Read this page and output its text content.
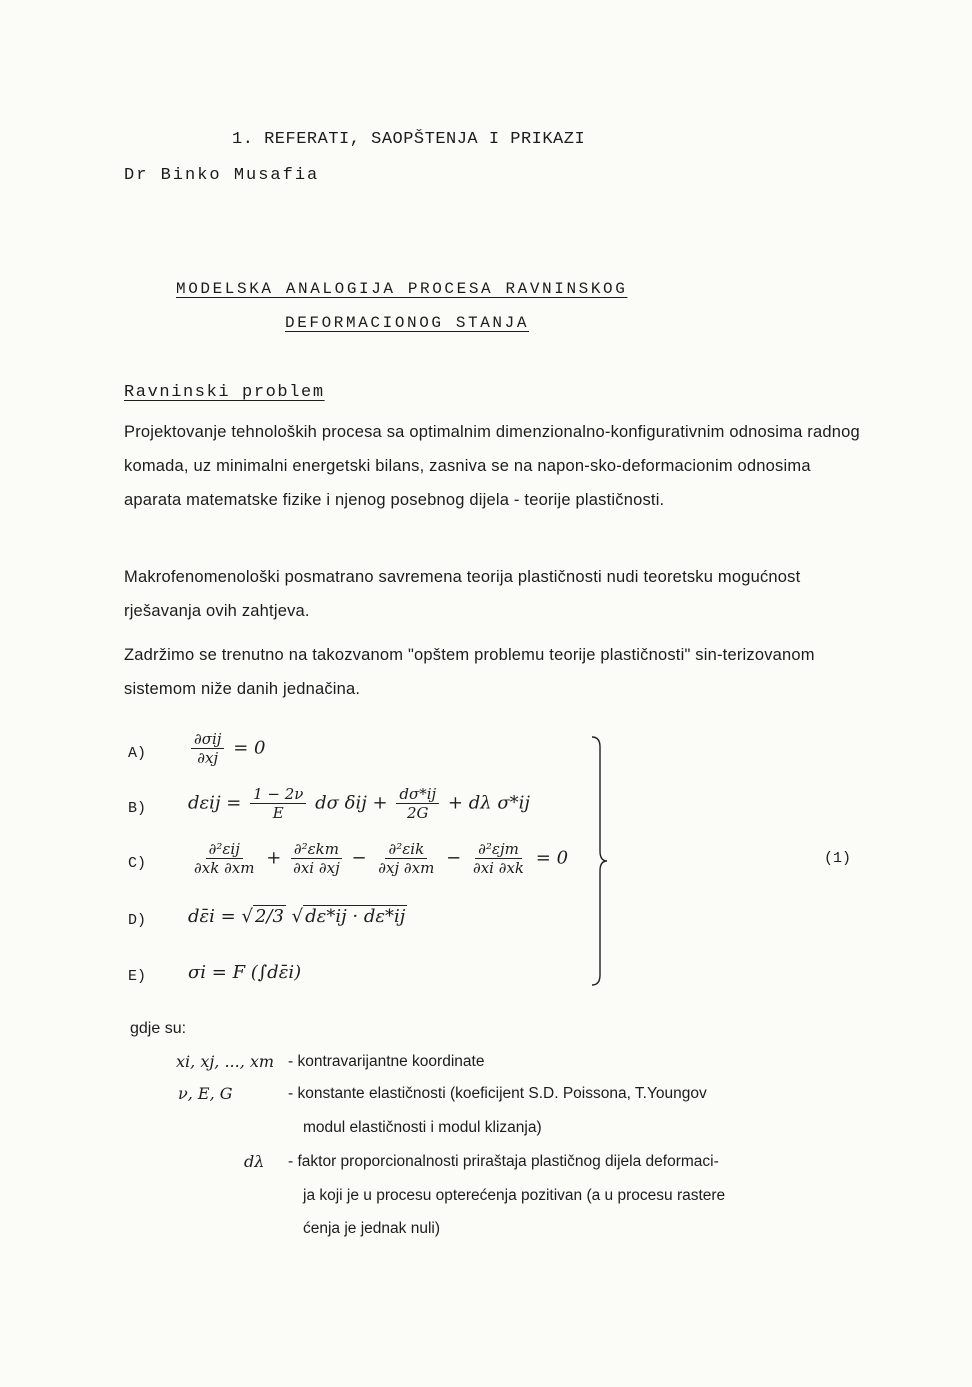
1. REFERATI, SAOPŠTENJA I PRIKAZI
Dr Binko Musafia
MODELSKA ANALOGIJA PROCESA RAVNINSKOG
DEFORMACIONOG STANJA
Ravninski problem
Projektovanje tehnoloških procesa sa optimalnim dimenzionalno-konfigurativnim odnosima radnog komada, uz minimalni energetski bilans, zasniva se na napon-sko-deformacionim odnosima aparata matematske fizike i njenog posebnog dijela - teorije plastičnosti.
Makrofenomenološki posmatrano savremena teorija plastičnosti nudi teoretsku mogućnost rješavanja ovih zahtjeva.
Zadržimo se trenutno na takozvanom "opštem problemu teorije plastičnosti" sin-terizovanom sistemom niže danih jednačina.
A)
B)
C)
D)
E)
$\frac{\text{∂σij}}{\partial xj} = 0$
$d\varepsilon ij = \frac{1 - 2\nu}{E}$ dσ $\delta ij + \frac{d\sigma*ij}{2G} + d\lambda$ σ*ij
$\frac{\text{∂²εij}}{\partial xk \partial xm} + \frac{\text{∂²εkm}}{\partial xi \partial xj} - \frac{\text{∂²εik}}{\partial xj \partial xm} - \frac{\text{∂²εjm}}{\partial xi \partial xk} = 0$
dε̄i = √ 2/3 √ dε*ij · dε*ij
σi = F (∫dε̄i)
(1)
gdje su:
xi, xj, ..., xm - kontravarijantne koordinate
ν, E, G	- konstante elastičnosti (koeficijent S.D. Poissona, T.Youngov
modul elastičnosti i modul klizanja)
dλ - faktor proporcionalnosti priraštaja plastičnog dijela deformaci-
ja koji je u procesu opterećenja pozitivan (a u procesu rastere
ćenja je jednak nuli)
